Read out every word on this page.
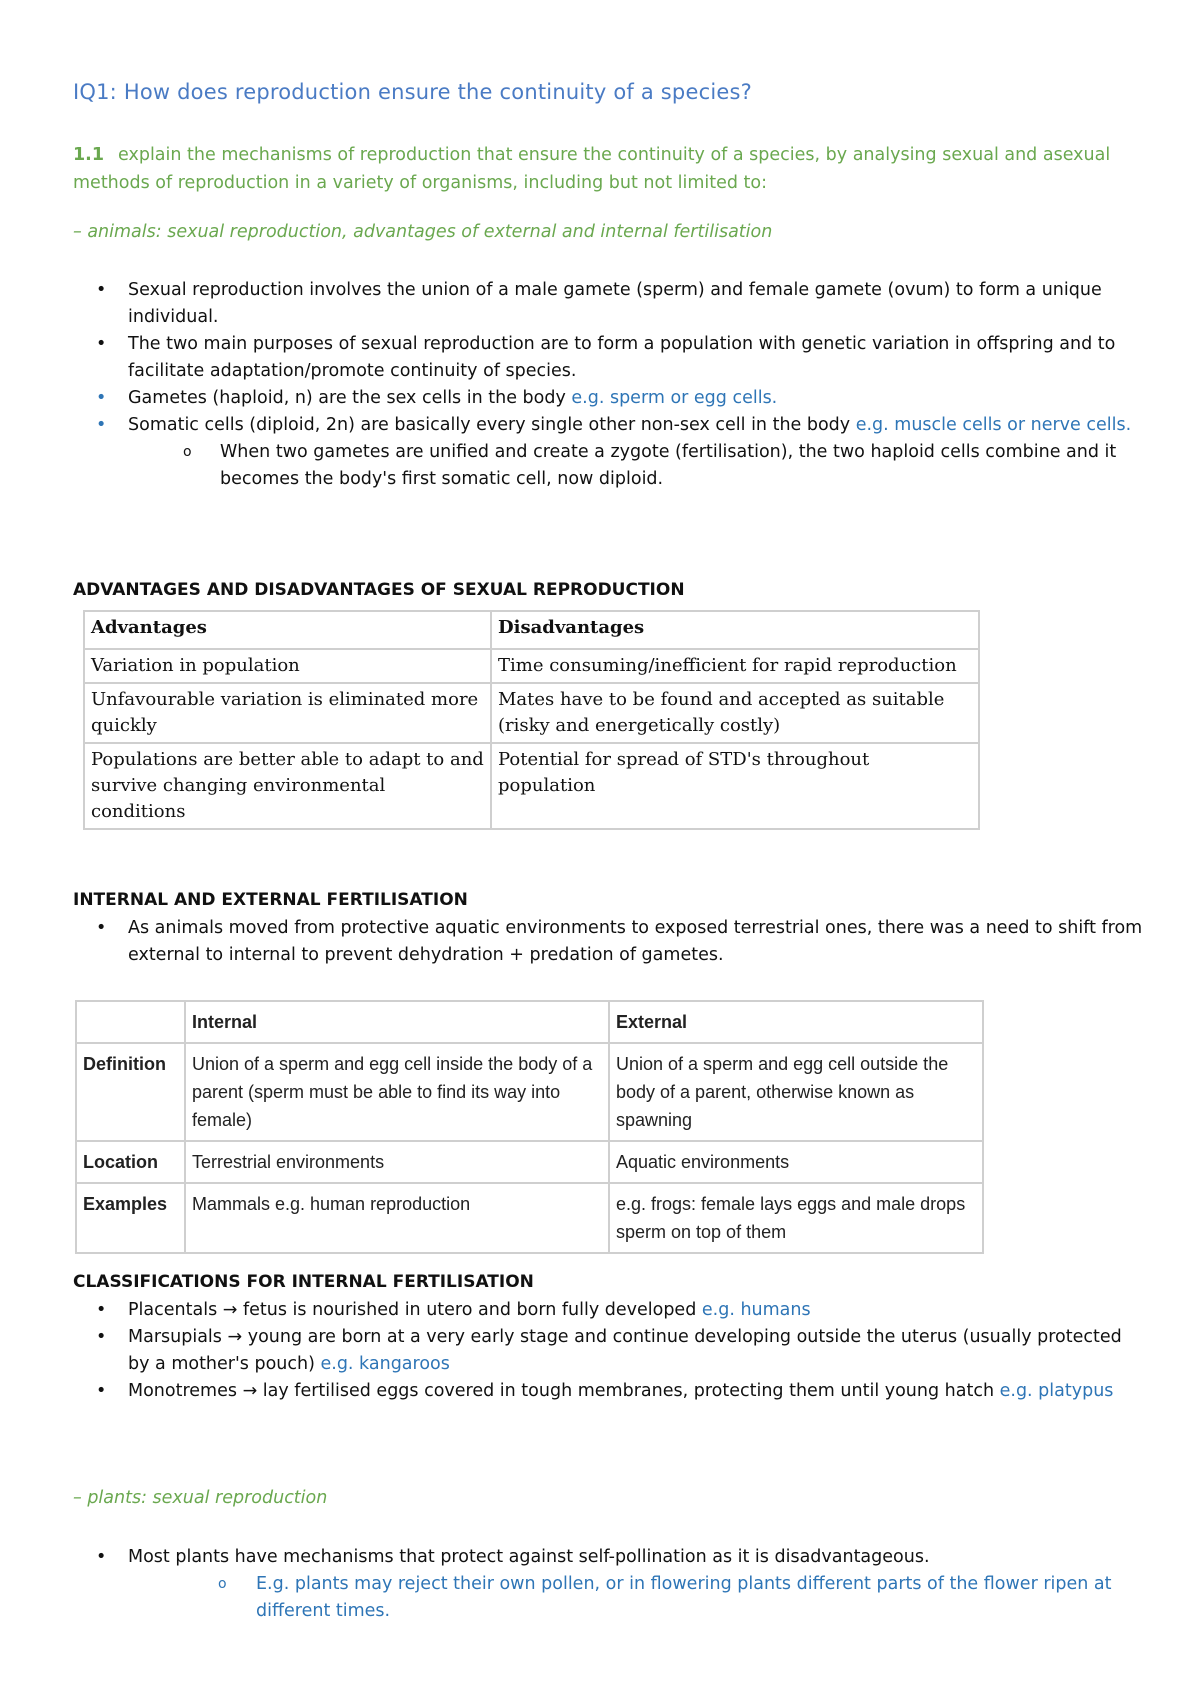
IQ1: How does reproduction ensure the continuity of a species?
1.1 explain the mechanisms of reproduction that ensure the continuity of a species, by analysing sexual and asexual methods of reproduction in a variety of organisms, including but not limited to:
– animals: sexual reproduction, advantages of external and internal fertilisation
• Sexual reproduction involves the union of a male gamete (sperm) and female gamete (ovum) to form a unique individual.
• The two main purposes of sexual reproduction are to form a population with genetic variation in offspring and to facilitate adaptation/promote continuity of species.
• Gametes (haploid, n) are the sex cells in the body e.g. sperm or egg cells.
• Somatic cells (diploid, 2n) are basically every single other non-sex cell in the body e.g. muscle cells or nerve cells.
o When two gametes are unified and create a zygote (fertilisation), the two haploid cells combine and it becomes the body's first somatic cell, now diploid.
ADVANTAGES AND DISADVANTAGES OF SEXUAL REPRODUCTION
Advantages	Disadvantages
Variation in population	Time consuming/inefficient for rapid reproduction
Unfavourable variation is eliminated more quickly	Mates have to be found and accepted as suitable (risky and energetically costly)
Populations are better able to adapt to and survive changing environmental conditions	Potential for spread of STD's throughout population
INTERNAL AND EXTERNAL FERTILISATION
• As animals moved from protective aquatic environments to exposed terrestrial ones, there was a need to shift from external to internal to prevent dehydration + predation of gametes.
	Internal	External
Definition	Union of a sperm and egg cell inside the body of a parent (sperm must be able to find its way into female)	Union of a sperm and egg cell outside the body of a parent, otherwise known as spawning
Location	Terrestrial environments	Aquatic environments
Examples	Mammals e.g. human reproduction	e.g. frogs: female lays eggs and male drops sperm on top of them
CLASSIFICATIONS FOR INTERNAL FERTILISATION
• Placentals → fetus is nourished in utero and born fully developed e.g. humans
• Marsupials → young are born at a very early stage and continue developing outside the uterus (usually protected by a mother's pouch) e.g. kangaroos
• Monotremes → lay fertilised eggs covered in tough membranes, protecting them until young hatch e.g. platypus
– plants: sexual reproduction
• Most plants have mechanisms that protect against self-pollination as it is disadvantageous.
o E.g. plants may reject their own pollen, or in flowering plants different parts of the flower ripen at different times.
